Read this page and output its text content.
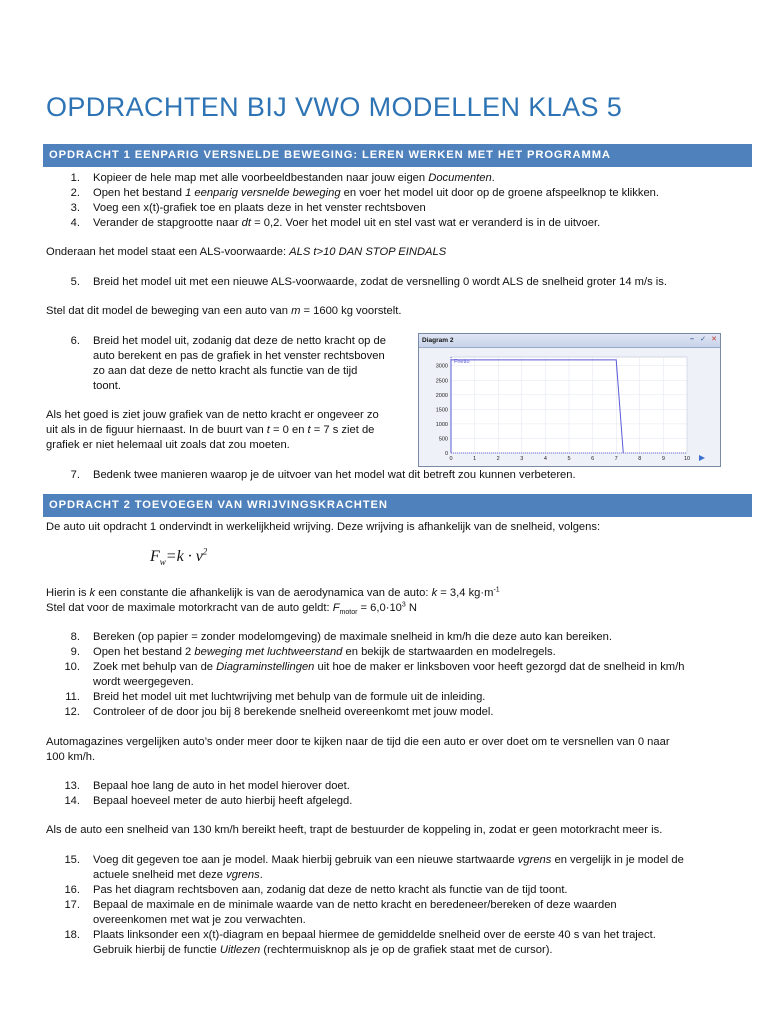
OPDRACHTEN BIJ VWO MODELLEN KLAS 5
OPDRACHT 1 EENPARIG VERSNELDE BEWEGING: LEREN WERKEN MET HET PROGRAMMA
1. Kopieer de hele map met alle voorbeeldbestanden naar jouw eigen Documenten.
2. Open het bestand 1 eenparig versnelde beweging en voer het model uit door op de groene afspeelknop te klikken.
3. Voeg een x(t)-grafiek toe en plaats deze in het venster rechtsboven
4. Verander de stapgrootte naar dt = 0,2. Voer het model uit en stel vast wat er veranderd is in de uitvoer.
Onderaan het model staat een ALS-voorwaarde: ALS t>10 DAN STOP EINDALS
5. Breid het model uit met een nieuwe ALS-voorwaarde, zodat de versnelling 0 wordt ALS de snelheid groter 14 m/s is.
Stel dat dit model de beweging van een auto van m = 1600 kg voorstelt.
6. Breid het model uit, zodanig dat deze de netto kracht op de
auto berekent en pas de grafiek in het venster rechtsboven
zo aan dat deze de netto kracht als functie van de tijd
toont.
Als het goed is ziet jouw grafiek van de netto kracht er ongeveer zo
uit als in de figuur hiernaast. In de buurt van t = 0 en t = 7 s ziet de
grafiek er niet helemaal uit zoals dat zou moeten.
7. Bedenk twee manieren waarop je de uitvoer van het model wat dit betreft zou kunnen verbeteren.
Diagram 2	– ✓ ✕
3000
2500
2000
1500
1000
500
0
0	1	2	3	4	5	6	7	8	9	10
Fnetto
OPDRACHT 2 TOEVOEGEN VAN WRIJVINGSKRACHTEN
De auto uit opdracht 1 ondervindt in werkelijkheid wrijving. Deze wrijving is afhankelijk van de snelheid, volgens:
$F_w=k \cdot v^2$
Hierin is k een constante die afhankelijk is van de aerodynamica van de auto: k = 3,4 $kg\cdot m^{-1}$
Stel dat voor de maximale motorkracht van de auto geldt: $F_{motor} = 6,0\cdot 10^3$ N
8. Bereken (op papier = zonder modelomgeving) de maximale snelheid in km/h die deze auto kan bereiken.
9. Open het bestand 2 beweging met luchtweerstand en bekijk de startwaarden en modelregels.
10. Zoek met behulp van de Diagraminstellingen uit hoe de maker er linksboven voor heeft gezorgd dat de snelheid in km/h
wordt weergegeven.
11. Breid het model uit met luchtwrijving met behulp van de formule uit de inleiding.
12. Controleer of de door jou bij 8 berekende snelheid overeenkomt met jouw model.
Automagazines vergelijken auto’s onder meer door te kijken naar de tijd die een auto er over doet om te versnellen van 0 naar
100 km/h.
13. Bepaal hoe lang de auto in het model hierover doet.
14. Bepaal hoeveel meter de auto hierbij heeft afgelegd.
Als de auto een snelheid van 130 km/h bereikt heeft, trapt de bestuurder de koppeling in, zodat er geen motorkracht meer is.
15. Voeg dit gegeven toe aan je model. Maak hierbij gebruik van een nieuwe startwaarde vgrens en vergelijk in je model de
actuele snelheid met deze vgrens.
16. Pas het diagram rechtsboven aan, zodanig dat deze de netto kracht als functie van de tijd toont.
17. Bepaal de maximale en de minimale waarde van de netto kracht en beredeneer/bereken of deze waarden
overeenkomen met wat je zou verwachten.
18. Plaats linksonder een x(t)-diagram en bepaal hiermee de gemiddelde snelheid over de eerste 40 s van het traject.
Gebruik hierbij de functie Uitlezen (rechtermuisknop als je op de grafiek staat met de cursor).
